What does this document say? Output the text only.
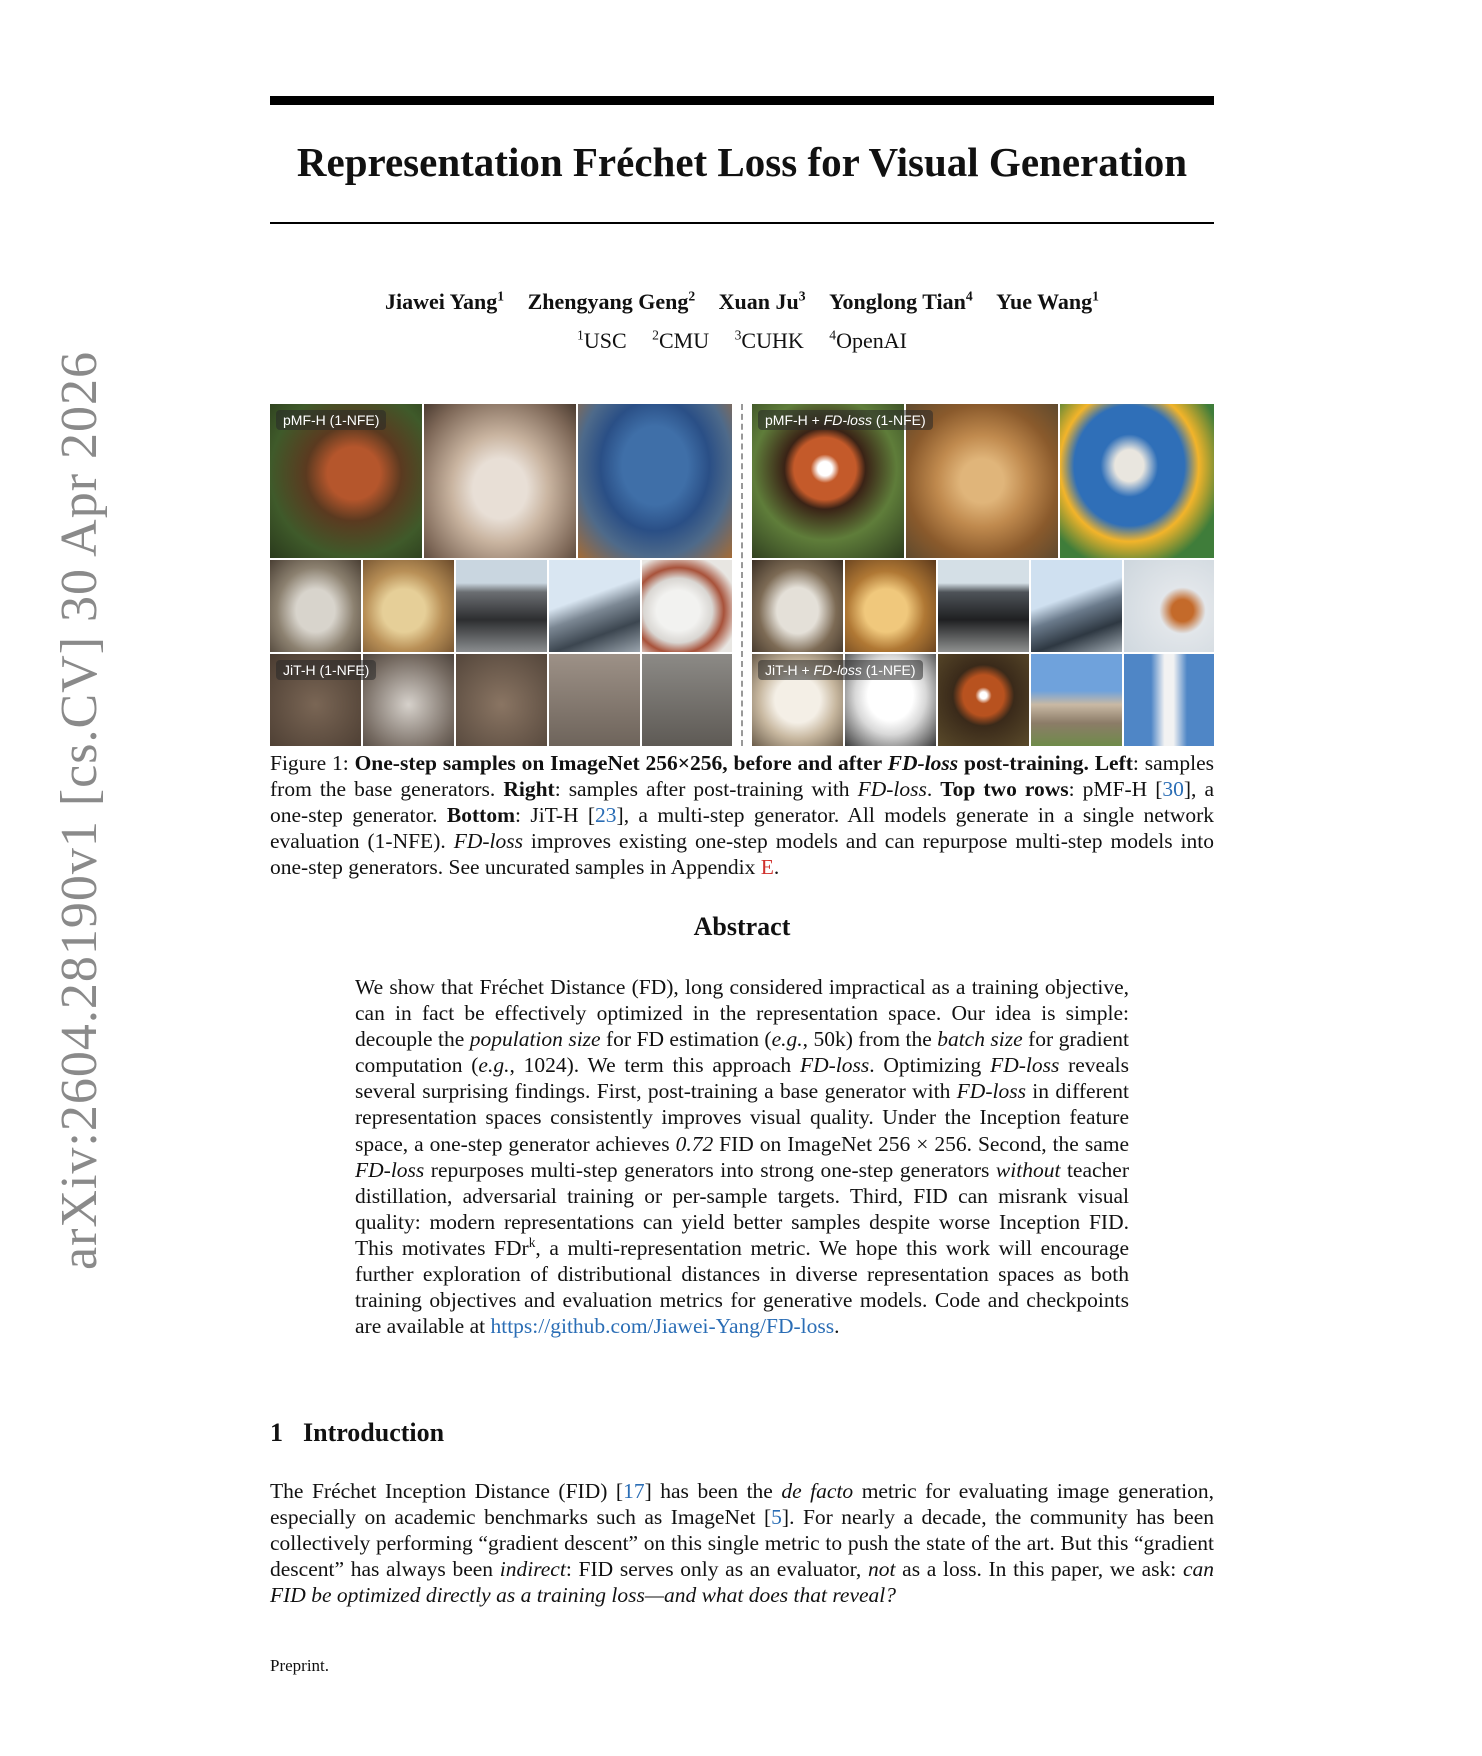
arXiv:2604.28190v1 [cs.CV] 30 Apr 2026
Representation Fréchet Loss for Visual Generation
Jiawei Yang$^1$ Zhengyang Geng$^2$ Xuan Ju$^3$ Yonglong Tian$^4$ Yue Wang$^1$
$^1$USC $^2$CMU $^3$CUHK $^4$OpenAI
pMF-H (1-NFE)
JiT-H (1-NFE)
pMF-H + FD-loss (1-NFE)
JiT-H + FD-loss (1-NFE)
Figure 1: One-step samples on ImageNet 256×256, before and after FD-loss post-training. Left: samples from the base generators. Right: samples after post-training with FD-loss. Top two rows: pMF-H [30], a one-step generator. Bottom: JiT-H [23], a multi-step generator. All models generate in a single network evaluation (1-NFE). FD-loss improves existing one-step models and can repurpose multi-step models into one-step generators. See uncurated samples in Appendix E.
Abstract
We show that Fréchet Distance (FD), long considered impractical as a training objective, can in fact be effectively optimized in the representation space. Our idea is simple: decouple the population size for FD estimation (e.g., 50k) from the batch size for gradient computation (e.g., 1024). We term this approach FD-loss. Optimizing FD-loss reveals several surprising findings. First, post-training a base generator with FD-loss in different representation spaces consistently improves visual quality. Under the Inception feature space, a one-step generator achieves 0.72 FID on ImageNet 256 × 256. Second, the same FD-loss repurposes multi-step generators into strong one-step generators without teacher distillation, adversarial training or per-sample targets. Third, FID can misrank visual quality: modern representations can yield better samples despite worse Inception FID. This motivates FDr$^k$, a multi-representation metric. We hope this work will encourage further exploration of distributional distances in diverse representation spaces as both training objectives and evaluation metrics for generative models. Code and checkpoints are available at https://github.com/Jiawei-Yang/FD-loss.
1 Introduction
The Fréchet Inception Distance (FID) [17] has been the de facto metric for evaluating image generation, especially on academic benchmarks such as ImageNet [5]. For nearly a decade, the community has been collectively performing “gradient descent” on this single metric to push the state of the art. But this “gradient descent” has always been indirect: FID serves only as an evaluator, not as a loss. In this paper, we ask: can FID be optimized directly as a training loss—and what does that reveal?
Preprint.
